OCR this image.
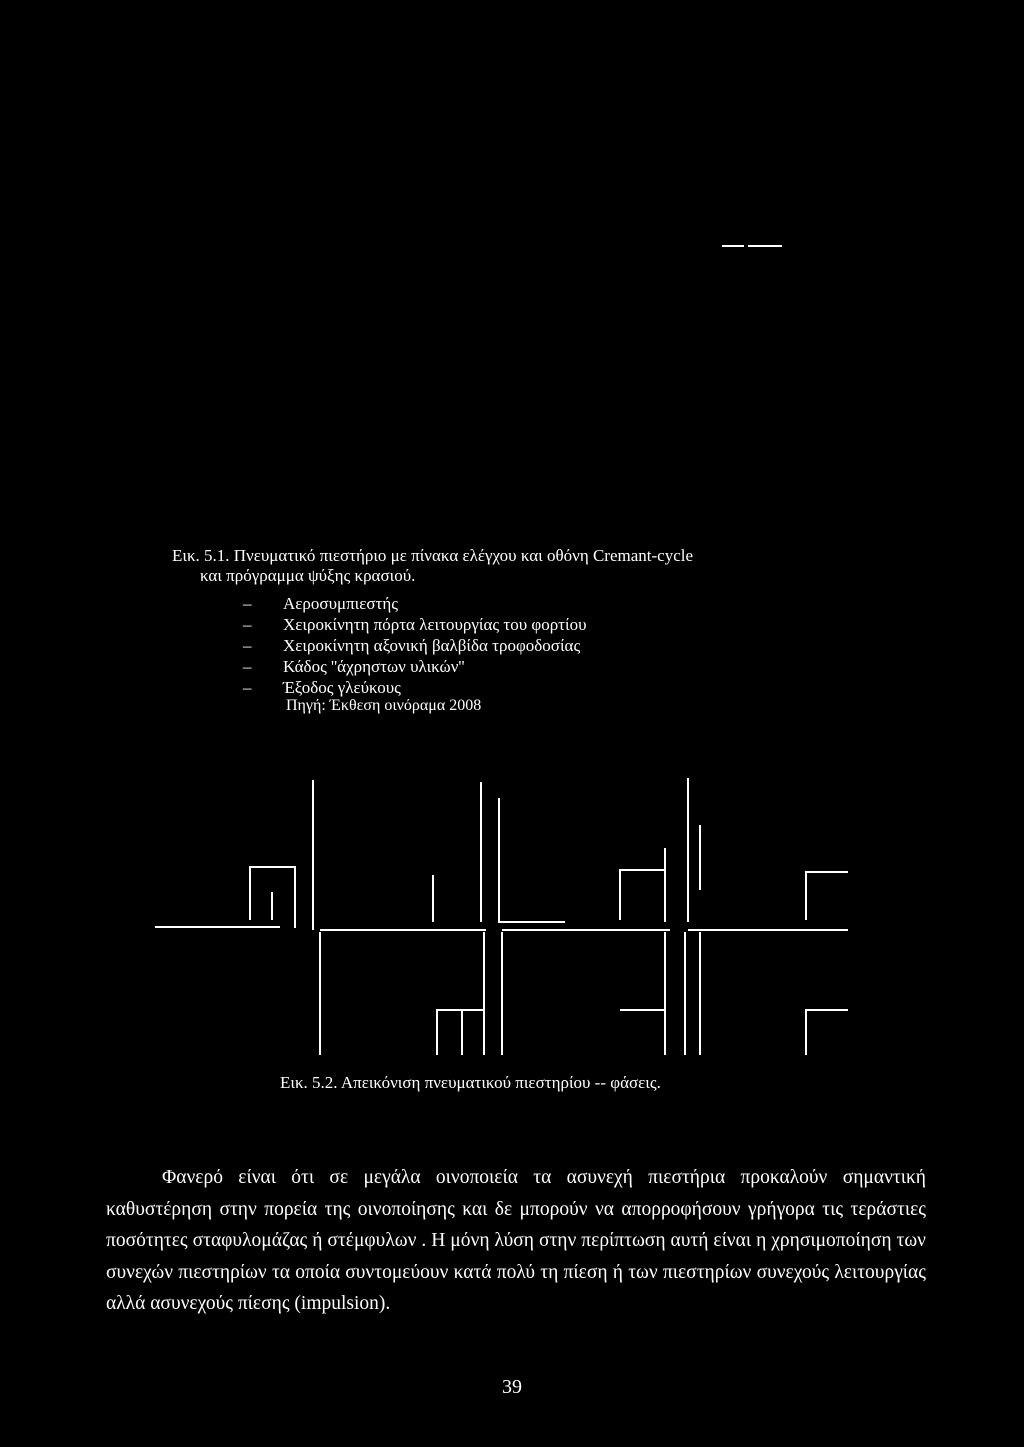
Εικ. 5.1. Πνευματικό πιεστήριο με πίνακα ελέγχου και οθόνη Cremant-cycle
και πρόγραμμα ψύξης κρασιού.
– Αεροσυμπιεστής
– Χειροκίνητη πόρτα λειτουργίας του φορτίου
– Χειροκίνητη αξονική βαλβίδα τροφοδοσίας
– Κάδος ''άχρηστων υλικών''
– Έξοδος γλεύκους
Πηγή: Έκθεση οινόραμα 2008
Εικ. 5.2. Απεικόνιση πνευματικού πιεστηρίου -- φάσεις.

Φανερό είναι ότι σε μεγάλα οινοποιεία τα ασυνεχή πιεστήρια προκαλούν σημαντική καθυστέρηση στην πορεία της οινοποίησης και δε μπορούν να απορροφήσουν γρήγορα τις τεράστιες ποσότητες σταφυλομάζας ή στέμφυλων . Η μόνη λύση στην περίπτωση αυτή είναι η χρησιμοποίηση των συνεχών πιεστηρίων τα οποία συντομεύουν κατά πολύ τη πίεση ή των πιεστηρίων συνεχούς λειτουργίας αλλά ασυνεχούς πίεσης (impulsion).

39
